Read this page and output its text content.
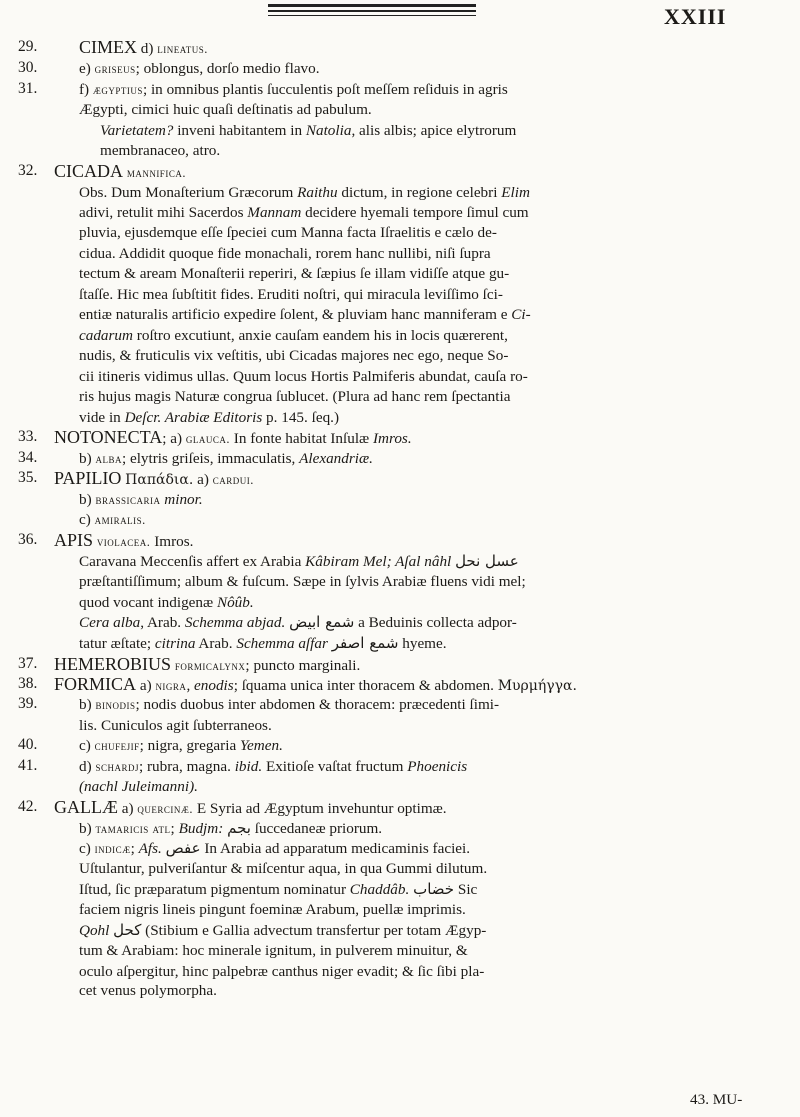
XXIII
29. CIMEX d) lineatus.
30.	e) griseus; oblongus, dorſo medio flavo.
31.	f) ægyptius; in omnibus plantis ſucculentis poſt meſſem reſiduis in agris
Ægypti, cimici huic quaſi deſtinatis ad pabulum.
Varietatem? inveni habitantem in Natolia, alis albis; apice elytrorum
membranaceo, atro.
32. CICADA mannifica.
Obs. Dum Monaſterium Græcorum Raithu dictum, in regione celebri Elim
adivi, retulit mihi Sacerdos Mannam decidere hyemali tempore ſimul cum
pluvia, ejusdemque eſſe ſpeciei cum Manna facta Iſraelitis e cælo de-
cidua. Addidit quoque fide monachali, rorem hanc nullibi, niſi ſupra
tectum & aream Monaſterii reperiri, & ſæpius ſe illam vidiſſe atque gu-
ſtaſſe. Hic mea ſubſtitit fides. Eruditi noſtri, qui miracula leviſſimo ſci-
entiæ naturalis artificio expedire ſolent, & pluviam hanc manniferam e Ci-
cadarum roſtro excutiunt, anxie cauſam eandem his in locis quærerent,
nudis, & fruticulis vix veſtitis, ubi Cicadas majores nec ego, neque So-
cii itineris vidimus ullas. Quum locus Hortis Palmiferis abundat, cauſa ro-
ris hujus magis Naturæ congrua ſublucet. (Plura ad hanc rem ſpectantia
vide in Deſcr. Arabiæ Editoris p. 145. ſeq.)
33. NOTONECTA; a) glauca. In fonte habitat Inſulæ Imros.
34.	b) alba; elytris griſeis, immaculatis, Alexandriæ.
35. PAPILIO Παπάδια. a) cardui.
b) brassicaria minor.
c) amiralis.
36. APIS violacea. Imros.
Caravana Meccenſis affert ex Arabia Kâbiram Mel; Aſal nâhl عسل نحل
præſtantiſſimum; album & fuſcum. Sæpe in ſylvis Arabiæ fluens vidi mel;
quod vocant indigenæ Nôûb.
Cera alba, Arab. Schemma abjad. شمع ابيض a Beduinis collecta adpor-
tatur æſtate; citrina Arab. Schemma aſfar شمع اصفر hyeme.
37. HEMEROBIUS formicalynx; puncto marginali.
38. FORMICA a) nigra, enodis; ſquama unica inter thoracem & abdomen. Μυρμήγγα.
39.	b) binodis; nodis duobus inter abdomen & thoracem: præcedenti ſimi-
lis. Cuniculos agit ſubterraneos.
40.	c) chufejif; nigra, gregaria Yemen.
41.	d) schardj; rubra, magna. ibid. Exitioſe vaſtat fructum Phoenicis
(nachl Juleimanni).
42. GALLÆ a) quercinæ. E Syria ad Ægyptum invehuntur optimæ.
b) tamaricis atl; Budjm: بجم ſuccedaneæ priorum.
c) indicæ; Afs. عفص In Arabia ad apparatum medicaminis faciei.
Uſtulantur, pulveriſantur & miſcentur aqua, in qua Gummi dilutum.
Iſtud, ſic præparatum pigmentum nominatur Chaddâb. خضاب Sic
faciem nigris lineis pingunt foeminæ Arabum, puellæ imprimis.
Qohl كحل (Stibium e Gallia advectum transfertur per totam Ægyp-
tum & Arabiam: hoc minerale ignitum, in pulverem minuitur, &
oculo aſpergitur, hinc palpebræ canthus niger evadit; & ſic ſibi pla-
cet venus polymorpha.
43. MU-
